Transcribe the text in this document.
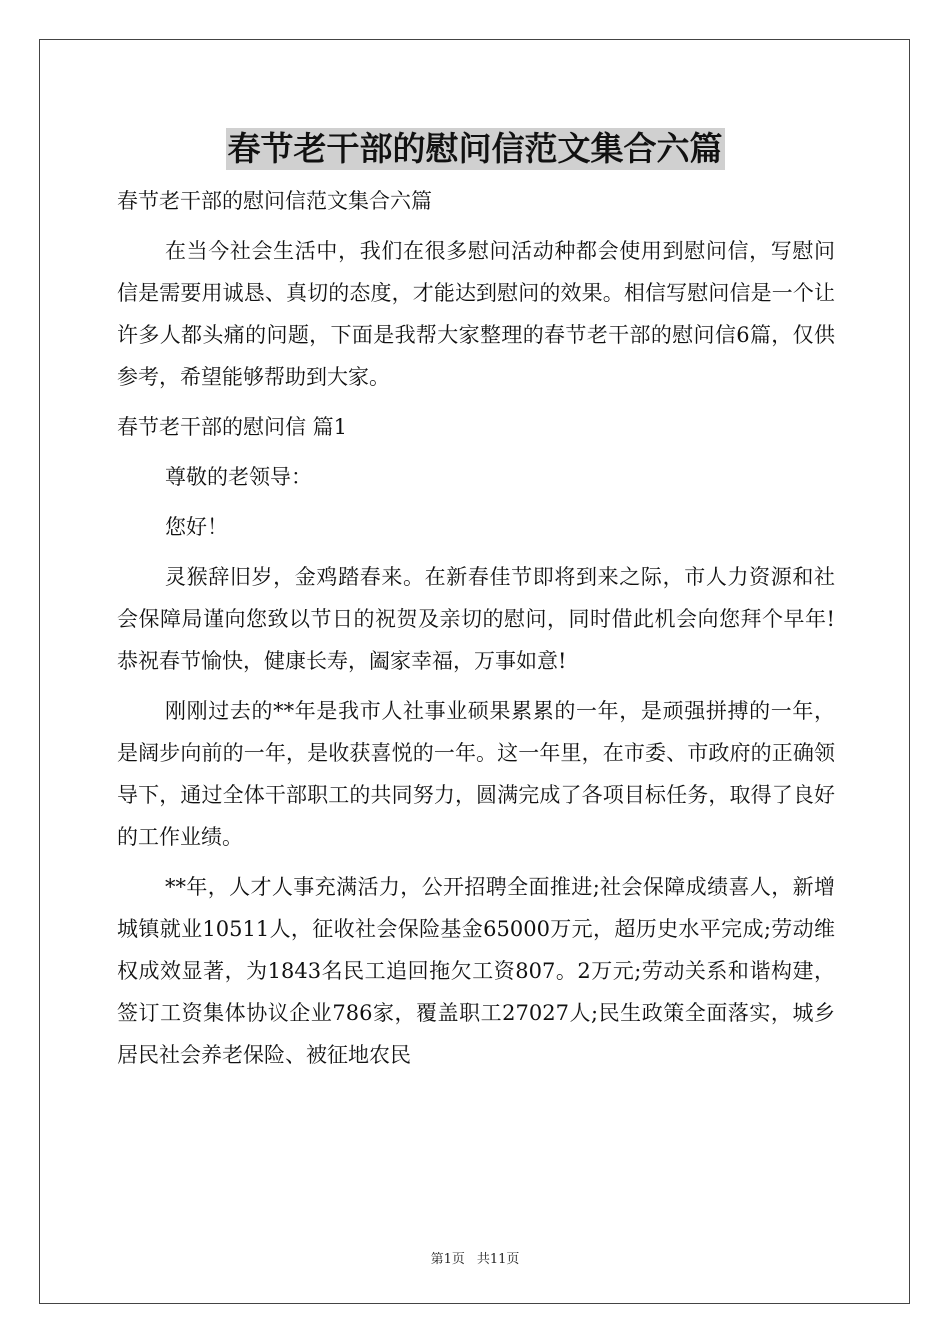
春节老干部的慰问信范文集合六篇

春节老干部的慰问信范文集合六篇

在当今社会生活中，我们在很多慰问活动种都会使用到慰问信，写慰问信是需要用诚恳、真切的态度，才能达到慰问的效果。相信写慰问信是一个让许多人都头痛的问题，下面是我帮大家整理的春节老干部的慰问信6篇，仅供参考，希望能够帮助到大家。

春节老干部的慰问信 篇1

尊敬的老领导：

您好！

灵猴辞旧岁，金鸡踏春来。在新春佳节即将到来之际，市人力资源和社会保障局谨向您致以节日的祝贺及亲切的慰问，同时借此机会向您拜个早年!恭祝春节愉快，健康长寿，阖家幸福，万事如意!

刚刚过去的**年是我市人社事业硕果累累的一年，是顽强拼搏的一年，是阔步向前的一年，是收获喜悦的一年。这一年里，在市委、市政府的正确领导下，通过全体干部职工的共同努力，圆满完成了各项目标任务，取得了良好的工作业绩。

**年，人才人事充满活力，公开招聘全面推进;社会保障成绩喜人，新增城镇就业10511人，征收社会保险基金65000万元，超历史水平完成;劳动维权成效显著，为1843名民工追回拖欠工资807。2万元;劳动关系和谐构建，签订工资集体协议企业786家，覆盖职工27027人;民生政策全面落实，城乡居民社会养老保险、被征地农民

第1页 共11页
